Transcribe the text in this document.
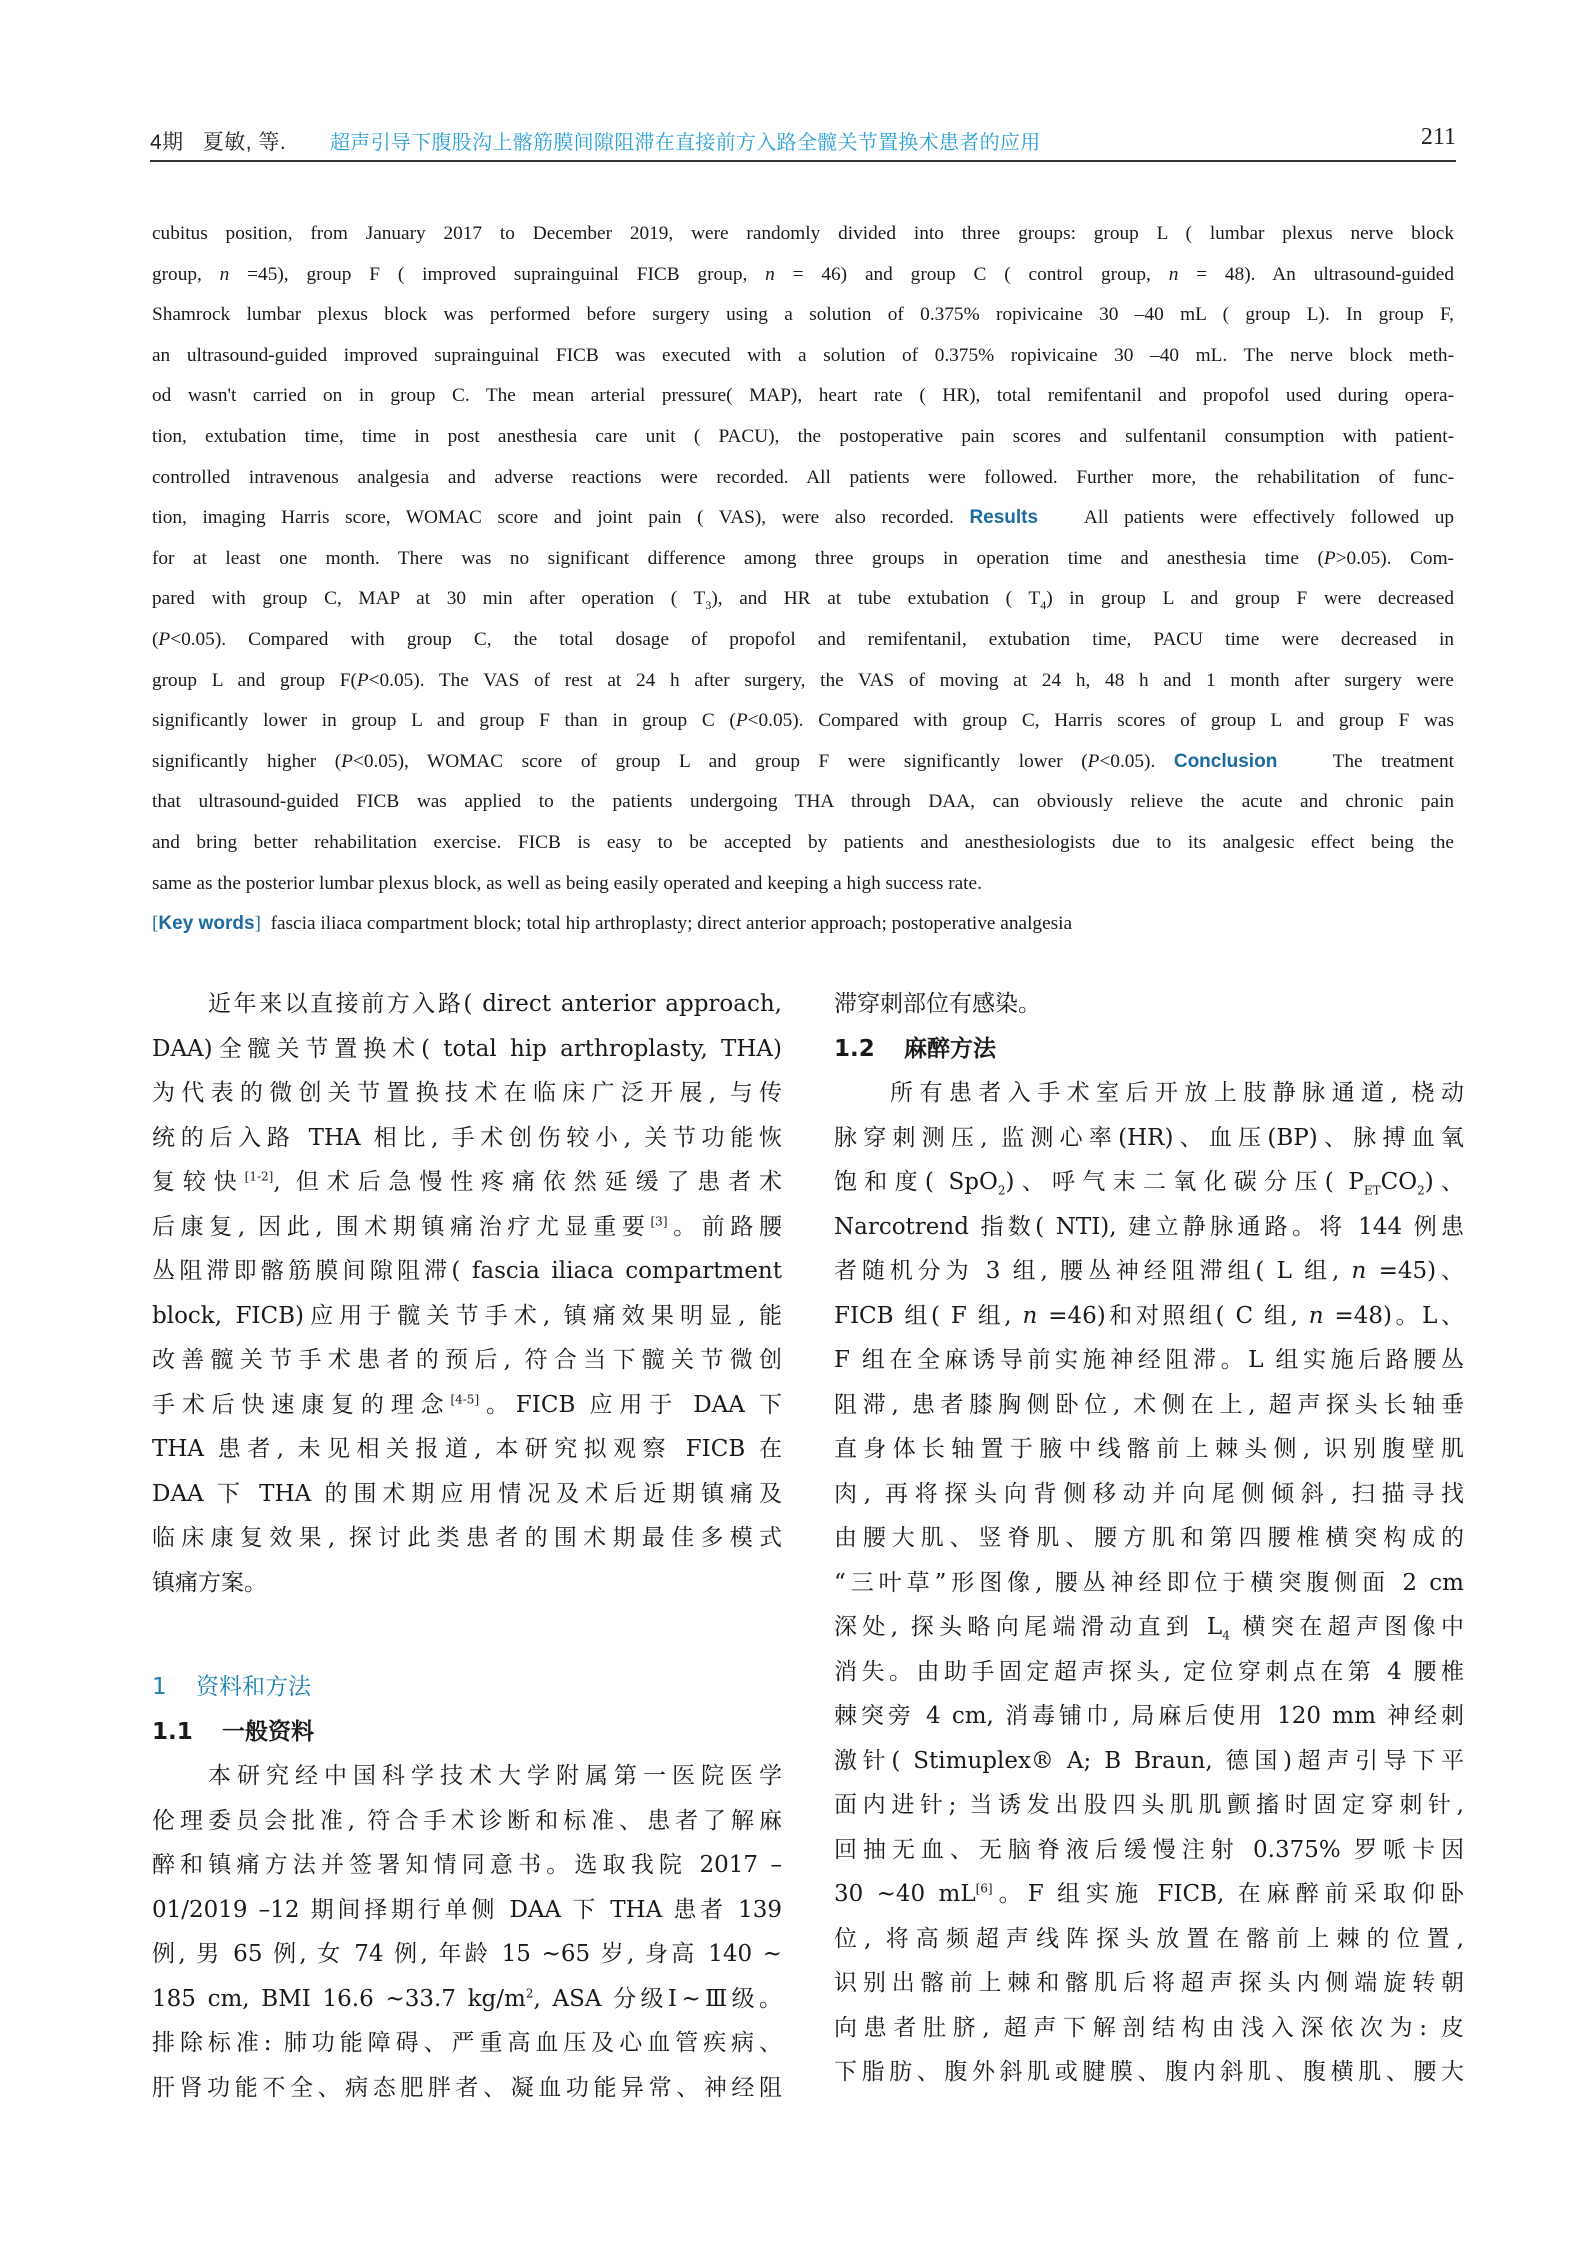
4期 夏敏, 等. 超声引导下腹股沟上髂筋膜间隙阻滞在直接前方入路全髋关节置换术患者的应用	211
cubitus position, from January 2017 to December 2019, were randomly divided into three groups: group L ( lumbar plexus nerve block
group, n =45), group F ( improved suprainguinal FICB group, n = 46) and group C ( control group, n = 48). An ultrasound-guided
Shamrock lumbar plexus block was performed before surgery using a solution of 0.375% ropivicaine 30 –40 mL ( group L). In group F,
an ultrasound-guided improved suprainguinal FICB was executed with a solution of 0.375% ropivicaine 30 –40 mL. The nerve block meth-
od wasn't carried on in group C. The mean arterial pressure( MAP), heart rate ( HR), total remifentanil and propofol used during opera-
tion, extubation time, time in post anesthesia care unit ( PACU), the postoperative pain scores and sulfentanil consumption with patient-
controlled intravenous analgesia and adverse reactions were recorded. All patients were followed. Further more, the rehabilitation of func-
tion, imaging Harris score, WOMAC score and joint pain ( VAS), were also recorded. Results All patients were effectively followed up
for at least one month. There was no significant difference among three groups in operation time and anesthesia time (P>0.05). Com-
pared with group C, MAP at 30 min after operation ( $T_3$), and HR at tube extubation ( $T_4$) in group L and group F were decreased
(P<0.05). Compared with group C, the total dosage of propofol and remifentanil, extubation time, PACU time were decreased in
group L and group F(P<0.05). The VAS of rest at 24 h after surgery, the VAS of moving at 24 h, 48 h and 1 month after surgery were
significantly lower in group L and group F than in group C (P<0.05). Compared with group C, Harris scores of group L and group F was
significantly higher (P<0.05), WOMAC score of group L and group F were significantly lower (P<0.05). Conclusion	The treatment
that ultrasound-guided FICB was applied to the patients undergoing THA through DAA, can obviously relieve the acute and chronic pain
and bring better rehabilitation exercise. FICB is easy to be accepted by patients and anesthesiologists due to its analgesic effect being the
same as the posterior lumbar plexus block, as well as being easily operated and keeping a high success rate.
[Key words] fascia iliaca compartment block; total hip arthroplasty; direct anterior approach; postoperative analgesia
近年来以直接前方入路( direct anterior approach,
DAA)全髋关节置换术( total hip arthroplasty, THA)
为代表的微创关节置换技术在临床广泛开展, 与传
统的后入路 THA 相比, 手术创伤较小, 关节功能恢
复较快[1-2], 但术后急慢性疼痛依然延缓了患者术
后康复, 因此, 围术期镇痛治疗尤显重要[3]。前路腰
丛阻滞即髂筋膜间隙阻滞( fascia iliaca compartment
block, FICB)应用于髋关节手术, 镇痛效果明显, 能
改善髋关节手术患者的预后, 符合当下髋关节微创
手术后快速康复的理念[4-5]。FICB 应用于 DAA 下
THA 患者, 未见相关报道, 本研究拟观察 FICB 在
DAA 下 THA 的围术期应用情况及术后近期镇痛及
临床康复效果, 探讨此类患者的围术期最佳多模式
镇痛方案。
1 资料和方法
1.1 一般资料
本研究经中国科学技术大学附属第一医院医学
伦理委员会批准, 符合手术诊断和标准、患者了解麻
醉和镇痛方法并签署知情同意书。选取我院 2017 –
01/2019 –12 期间择期行单侧 DAA 下 THA 患者 139
例, 男 65 例, 女 74 例, 年龄 15 ~65 岁, 身高 140 ~
185 cm, BMI 16.6 ~33.7 $kg/m^2$, ASA 分级Ⅰ~Ⅲ级。
排除标准: 肺功能障碍、严重高血压及心血管疾病、
肝肾功能不全、病态肥胖者、凝血功能异常、神经阻
滞穿刺部位有感染。
1.2 麻醉方法
所有患者入手术室后开放上肢静脉通道, 桡动
脉穿刺测压, 监测心率(HR)、血压(BP)、脉搏血氧
饱和度( SpO$_2$)、呼气末二氧化碳分压( $P_{ET}CO_2$)、
Narcotrend 指数( NTI), 建立静脉通路。将 144 例患
者随机分为 3 组, 腰丛神经阻滞组( L 组, n =45)、
FICB 组( F 组, n =46)和对照组( C 组, n =48)。L、
F 组在全麻诱导前实施神经阻滞。L 组实施后路腰丛
阻滞, 患者膝胸侧卧位, 术侧在上, 超声探头长轴垂
直身体长轴置于腋中线髂前上棘头侧, 识别腹壁肌
肉, 再将探头向背侧移动并向尾侧倾斜, 扫描寻找
由腰大肌、竖脊肌、腰方肌和第四腰椎横突构成的
“三叶草”形图像, 腰丛神经即位于横突腹侧面 2 cm
深处, 探头略向尾端滑动直到 $L_4$ 横突在超声图像中
消失。由助手固定超声探头, 定位穿刺点在第 4 腰椎
棘突旁 4 cm, 消毒铺巾, 局麻后使用 120 mm 神经刺
激针( Stimuplex® A; B Braun, 德国)超声引导下平
面内进针; 当诱发出股四头肌肌颤搐时固定穿刺针,
回抽无血、无脑脊液后缓慢注射 0.375% 罗哌卡因
30 ~40 mL[6]。F 组实施 FICB, 在麻醉前采取仰卧
位, 将高频超声线阵探头放置在髂前上棘的位置,
识别出髂前上棘和髂肌后将超声探头内侧端旋转朝
向患者肚脐, 超声下解剖结构由浅入深依次为: 皮
下脂肪、腹外斜肌或腱膜、腹内斜肌、腹横肌、腰大
